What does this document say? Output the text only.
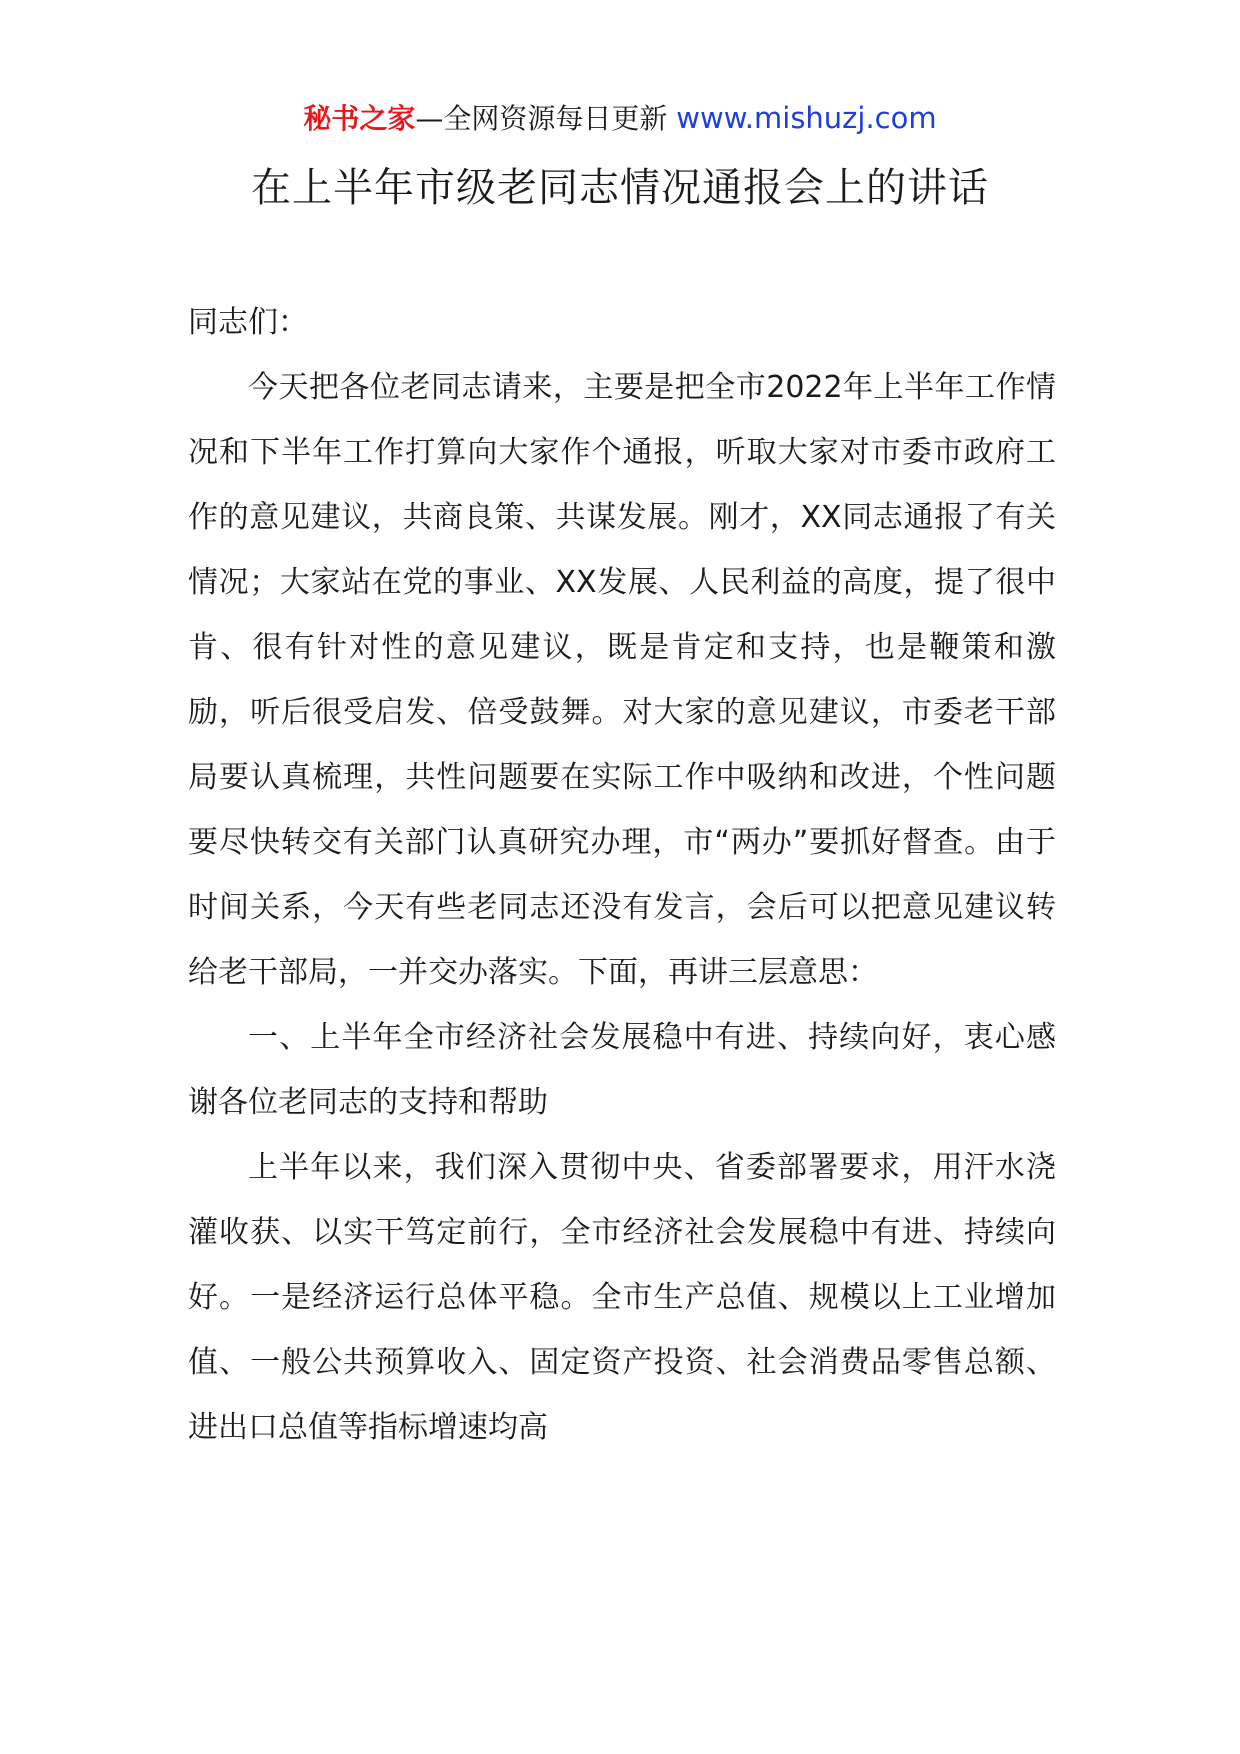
秘书之家—全网资源每日更新 www.mishuzj.com
在上半年市级老同志情况通报会上的讲话

同志们：

今天把各位老同志请来，主要是把全市2022年上半年工作情况和下半年工作打算向大家作个通报，听取大家对市委市政府工作的意见建议，共商良策、共谋发展。刚才，XX同志通报了有关情况；大家站在党的事业、XX发展、人民利益的高度，提了很中肯、很有针对性的意见建议，既是肯定和支持，也是鞭策和激励，听后很受启发、倍受鼓舞。对大家的意见建议，市委老干部局要认真梳理，共性问题要在实际工作中吸纳和改进，个性问题要尽快转交有关部门认真研究办理，市“两办”要抓好督查。由于时间关系，今天有些老同志还没有发言，会后可以把意见建议转给老干部局，一并交办落实。下面，再讲三层意思：

一、上半年全市经济社会发展稳中有进、持续向好，衷心感谢各位老同志的支持和帮助

上半年以来，我们深入贯彻中央、省委部署要求，用汗水浇灌收获、以实干笃定前行，全市经济社会发展稳中有进、持续向好。一是经济运行总体平稳。全市生产总值、规模以上工业增加值、一般公共预算收入、固定资产投资、社会消费品零售总额、进出口总值等指标增速均高
